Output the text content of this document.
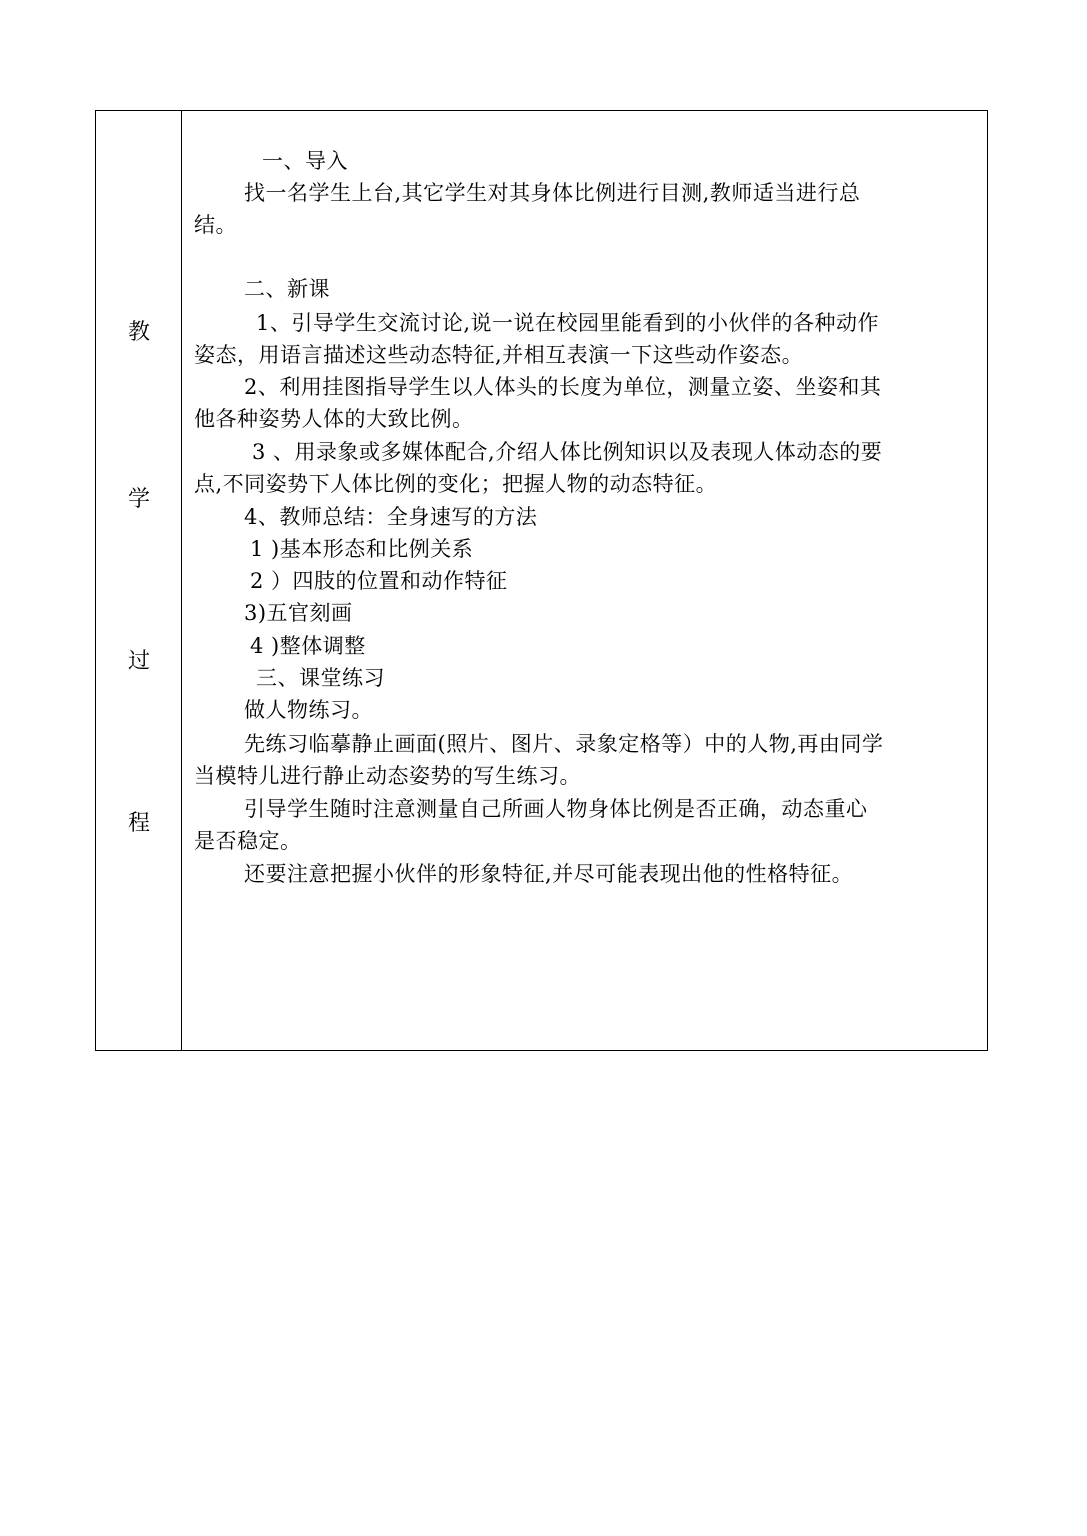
教
学
过
程
一、导入
找一名学生上台,其它学生对其身体比例进行目测,教师适当进行总
结。
二、新课
1、引导学生交流讨论,说一说在校园里能看到的小伙伴的各种动作
姿态，用语言描述这些动态特征,并相互表演一下这些动作姿态。
2、利用挂图指导学生以人体头的长度为单位，测量立姿、坐姿和其
他各种姿势人体的大致比例。
3 、用录象或多媒体配合,介绍人体比例知识以及表现人体动态的要
点,不同姿势下人体比例的变化；把握人物的动态特征。
4、教师总结：全身速写的方法
1 )基本形态和比例关系
2 ）四肢的位置和动作特征
3)五官刻画
4 )整体调整
三、课堂练习
做人物练习。
先练习临摹静止画面(照片、图片、录象定格等）中的人物,再由同学
当模特儿进行静止动态姿势的写生练习。
引导学生随时注意测量自己所画人物身体比例是否正确，动态重心
是否稳定。
还要注意把握小伙伴的形象特征,并尽可能表现出他的性格特征。
